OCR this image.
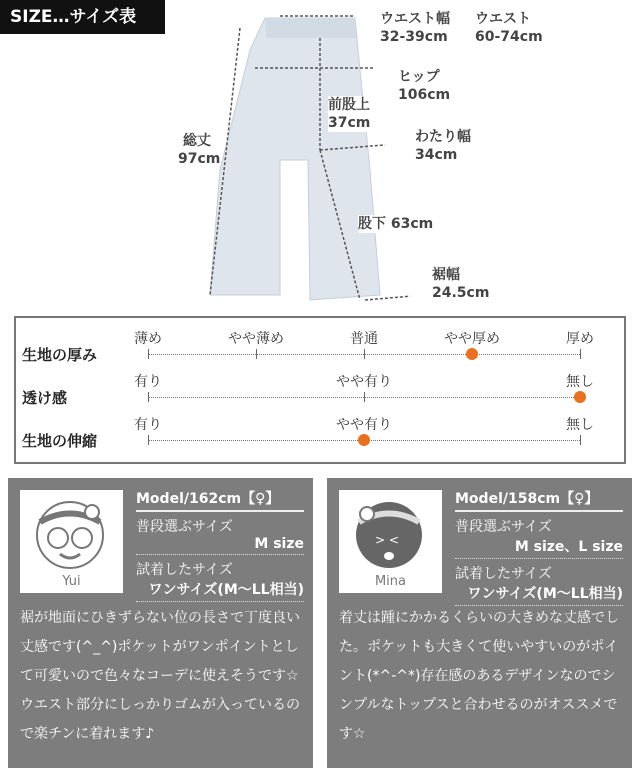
SIZE…サイズ表	ウエスト幅
32-39cm
ウエスト
60-74cm
ヒップ
106cm
前股上
37cm
わたり幅
34cm
総丈
97cm
股下 63cm
裾幅
24.5cm
生地の厚み
薄め	やや薄め	普通	やや厚め	厚め
透け感
有り	やや有り	無し
生地の伸縮
有り	やや有り	無し
Yui
Model/162cm【♀】
普段選ぶサイズ
M size
試着したサイズ
ワンサイズ(M〜LL相当)
裾が地面にひきずらない位の長さで丁度良い丈感です(^_^)ポケットがワンポイントとして可愛いので色々なコーデに使えそうです☆ウエスト部分にしっかりゴムが入っているので楽チンに着れます♪
> <
Mina
Model/158cm【♀】
普段選ぶサイズ
M size、L size
試着したサイズ
ワンサイズ(M〜LL相当)
着丈は踵にかかるくらいの大きめな丈感でした。ポケットも大きくて使いやすいのがポイント(*^-^*)存在感のあるデザインなのでシンプルなトップスと合わせるのがオススメです☆
